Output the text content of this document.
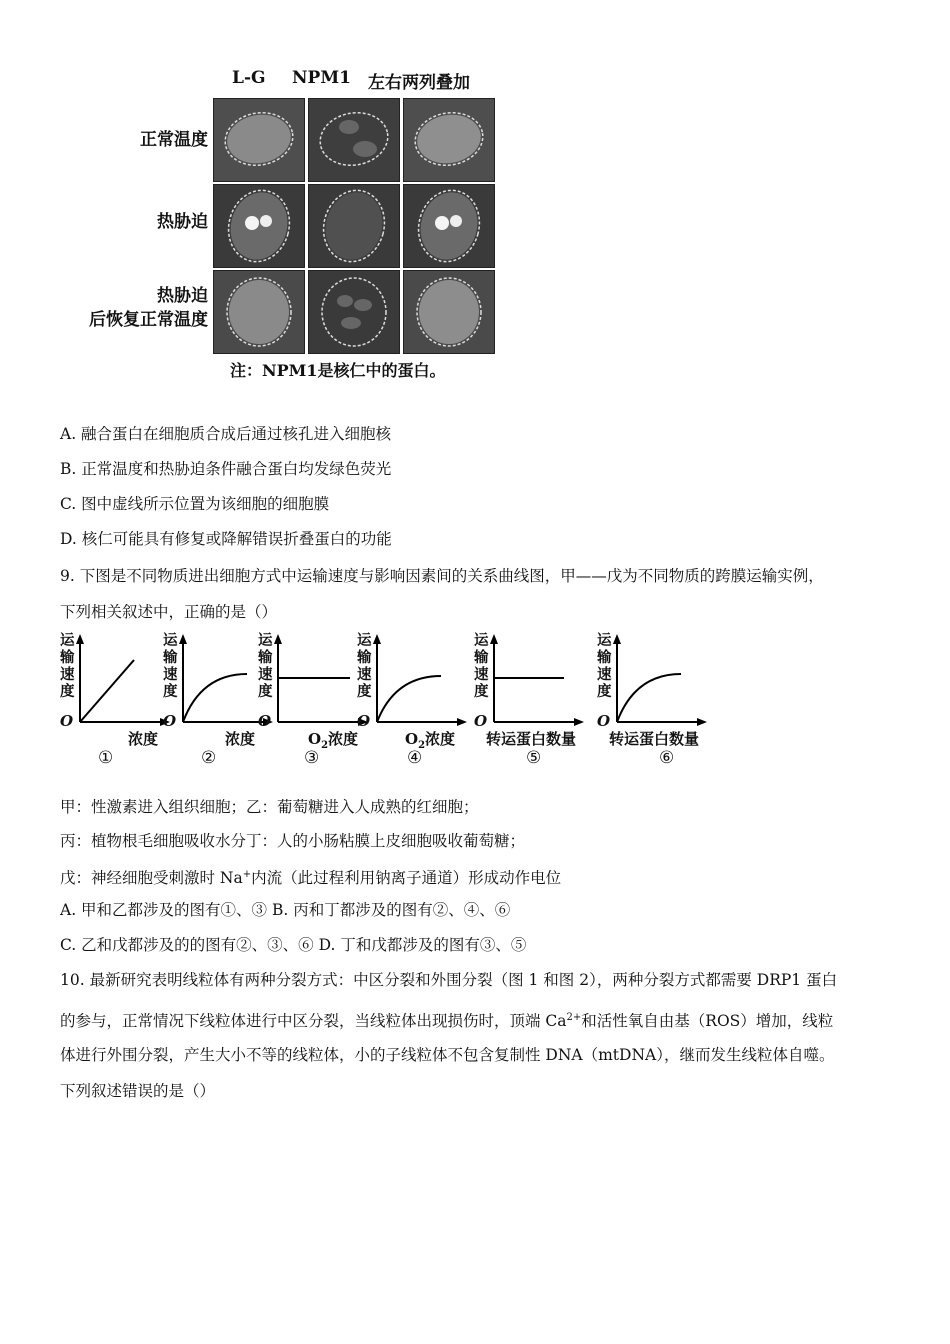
L-G NPM1 左右两列叠加
正常温度
热胁迫
热胁迫
后恢复正常温度
注：NPM1是核仁中的蛋白。
A. 融合蛋白在细胞质合成后通过核孔进入细胞核
B. 正常温度和热胁迫条件融合蛋白均发绿色荧光
C. 图中虚线所示位置为该细胞的细胞膜
D. 核仁可能具有修复或降解错误折叠蛋白的功能
9. 下图是不同物质进出细胞方式中运输速度与影响因素间的关系曲线图，甲——戊为不同物质的跨膜运输实例，
下列相关叙述中，正确的是（）
运输速度
O
浓度
①
运输速度
O
浓度
②
运输速度
O
$O_2$浓度
③
运输速度
O
$O_2$浓度
④
运输速度
O
转运蛋白数量
⑤
运输速度
O
转运蛋白数量
⑥
甲：性激素进入组织细胞；乙：葡萄糖进入人成熟的红细胞；
丙：植物根毛细胞吸收水分丁：人的小肠粘膜上皮细胞吸收葡萄糖；
戊：神经细胞受刺激时 Na+内流（此过程利用钠离子通道）形成动作电位
A. 甲和乙都涉及的图有①、③ B. 丙和丁都涉及的图有②、④、⑥
C. 乙和戊都涉及的的图有②、③、⑥ D. 丁和戊都涉及的图有③、⑤
10. 最新研究表明线粒体有两种分裂方式：中区分裂和外围分裂（图 1 和图 2），两种分裂方式都需要 DRP1 蛋白
的参与，正常情况下线粒体进行中区分裂，当线粒体出现损伤时，顶端 $Ca^{2+}$和活性氧自由基（ROS）增加，线粒
体进行外围分裂，产生大小不等的线粒体，小的子线粒体不包含复制性 DNA（mtDNA），继而发生线粒体自噬。
下列叙述错误的是（）
